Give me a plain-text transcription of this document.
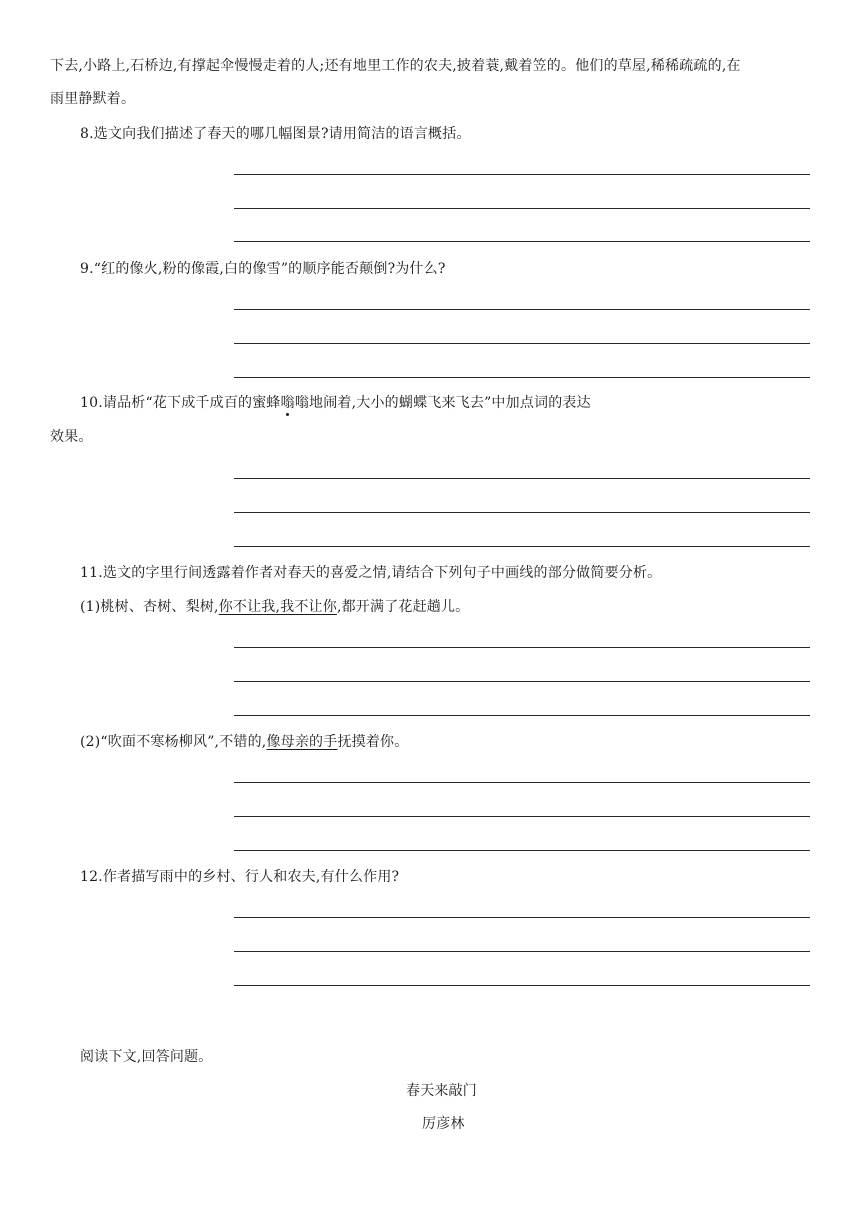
下去,小路上,石桥边,有撑起伞慢慢走着的人;还有地里工作的农夫,披着蓑,戴着笠的。他们的草屋,稀稀疏疏的,在
雨里静默着。
8.选文向我们描述了春天的哪几幅图景?请用简洁的语言概括。
9.“红的像火,粉的像霞,白的像雪”的顺序能否颠倒?为什么?
10.请品析“花下成千成百的蜜蜂嗡嗡地闹着,大小的蝴蝶飞来飞去”中加点词的表达
效果。
11.选文的字里行间透露着作者对春天的喜爱之情,请结合下列句子中画线的部分做简要分析。
(1)桃树、杏树、梨树,你不让我,我不让你,都开满了花赶趟儿。
(2)“吹面不寒杨柳风”,不错的,像母亲的手抚摸着你。
12.作者描写雨中的乡村、行人和农夫,有什么作用?
阅读下文,回答问题。
春天来敲门
厉彦林
